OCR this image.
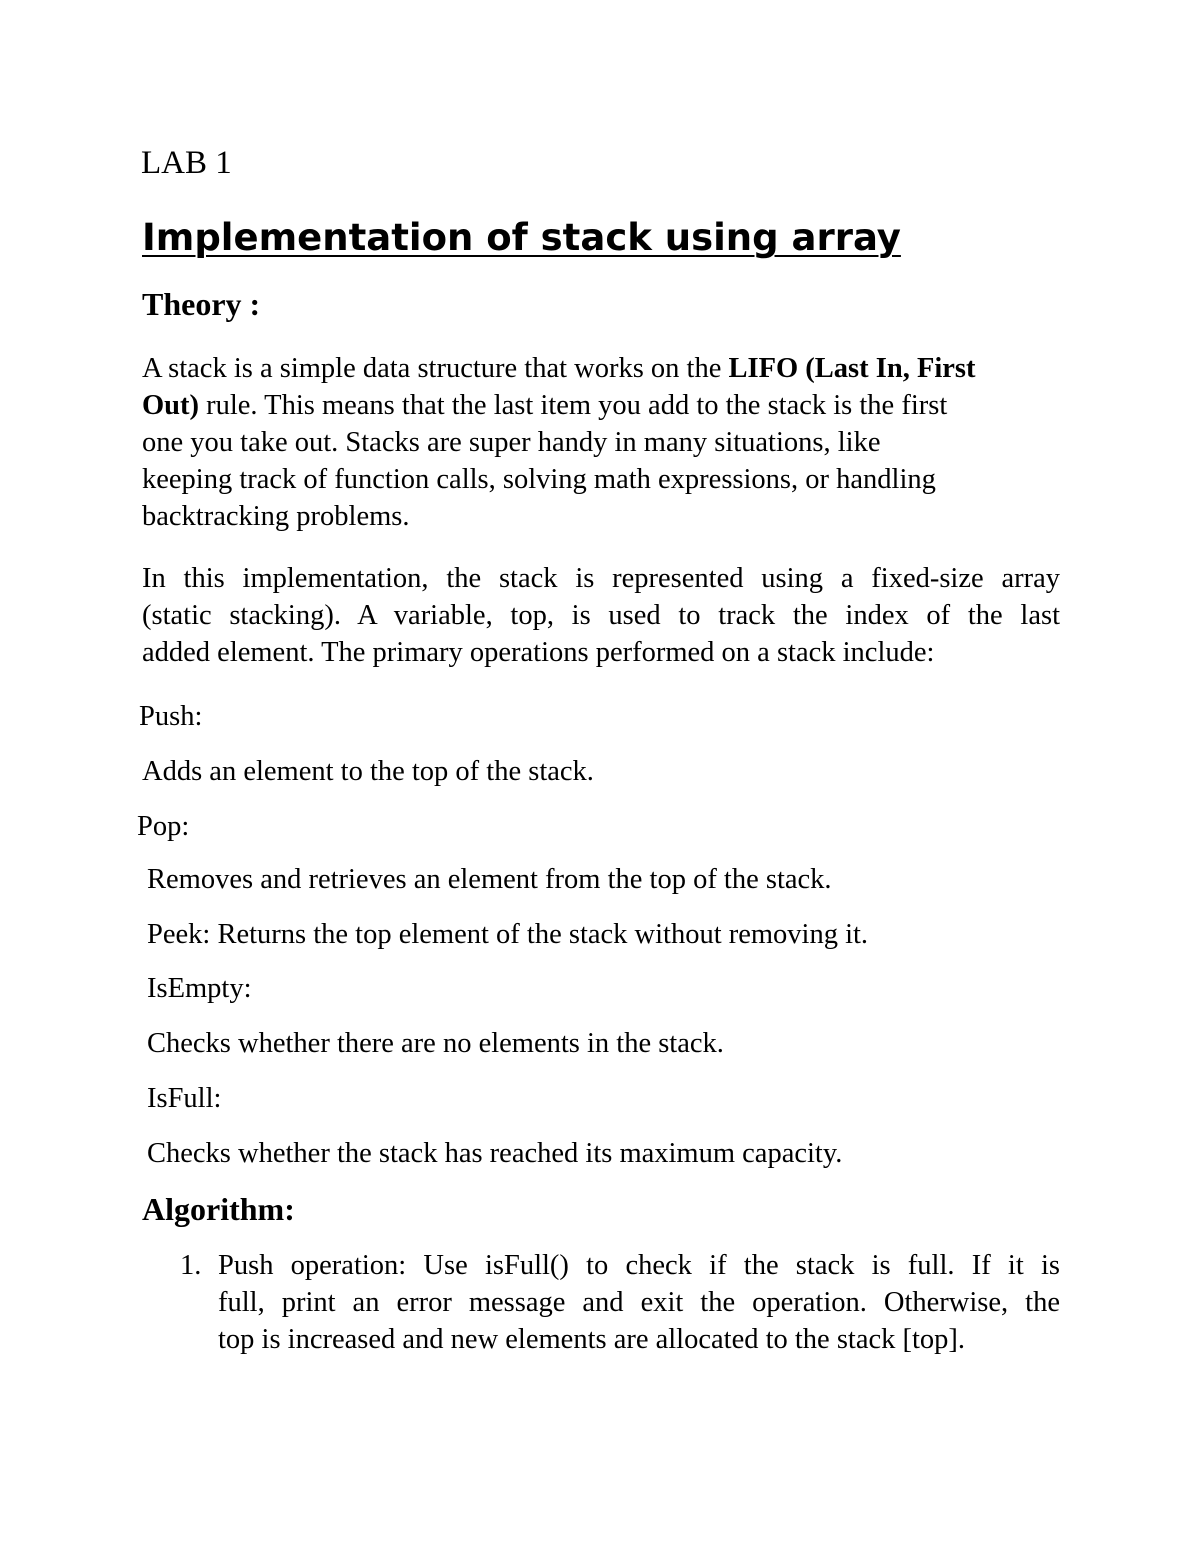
LAB 1

Implementation of stack using array
Theory :
A stack is a simple data structure that works on the LIFO (Last In, First
Out) rule. This means that the last item you add to the stack is the first
one you take out. Stacks are super handy in many situations, like
keeping track of function calls, solving math expressions, or handling
backtracking problems.
In this implementation, the stack is represented using a fixed-size array
(static stacking). A variable, top, is used to track the index of the last
added element. The primary operations performed on a stack include:

Push:

Adds an element to the top of the stack.

Pop:

Removes and retrieves an element from the top of the stack.

Peek: Returns the top element of the stack without removing it.

IsEmpty:

Checks whether there are no elements in the stack.

IsFull:

Checks whether the stack has reached its maximum capacity.

Algorithm:
1. Push operation: Use isFull() to check if the stack is full. If it is
full, print an error message and exit the operation. Otherwise, the
top is increased and new elements are allocated to the stack [top].
